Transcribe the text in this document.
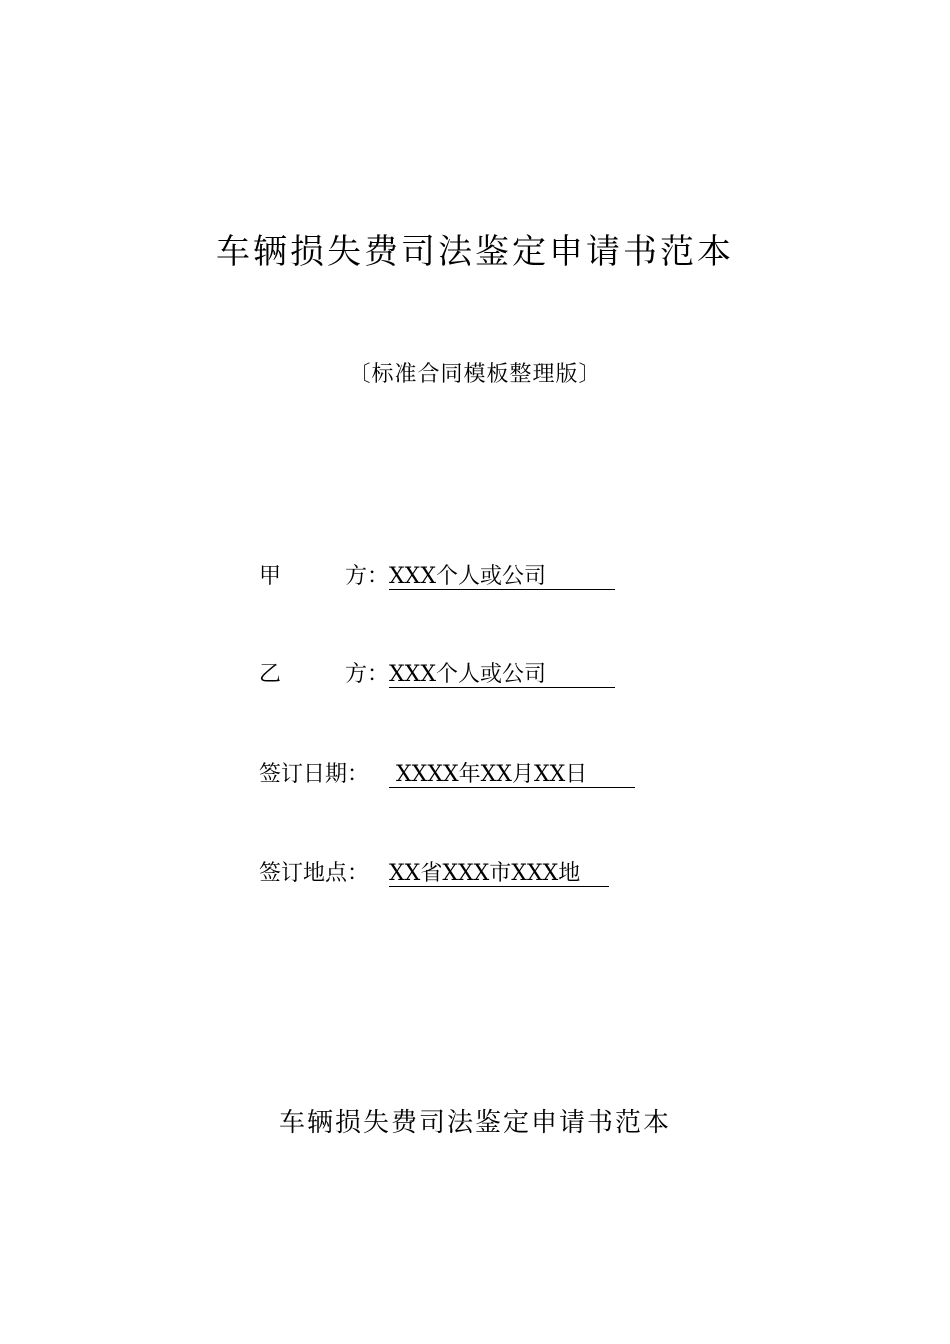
车辆损失费司法鉴定申请书范本
〔标准合同模板整理版〕
甲	方： XXX个人或公司
乙	方： XXX个人或公司
签订日期： XXXX年XX月XX日
签订地点： XX省XXX市XXX地
车辆损失费司法鉴定申请书范本
